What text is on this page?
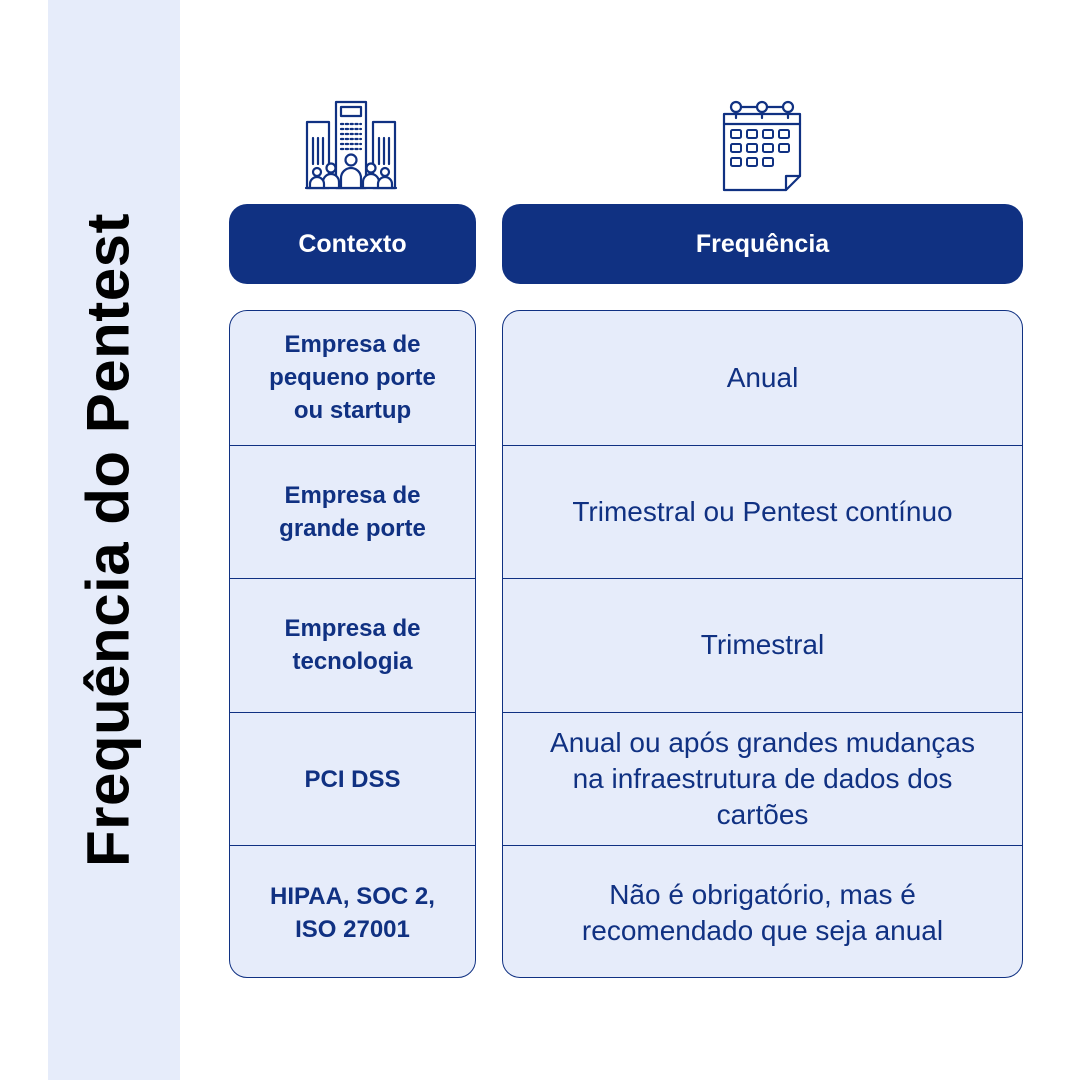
Frequência do Pentest	Contexto	Frequência
Empresa de pequeno porte ou startup
Empresa de grande porte
Empresa de tecnologia
PCI DSS
HIPAA, SOC 2, ISO 27001
Anual
Trimestral ou Pentest contínuo
Trimestral
Anual ou após grandes mudanças na infraestrutura de dados dos cartões
Não é obrigatório, mas é recomendado que seja anual
